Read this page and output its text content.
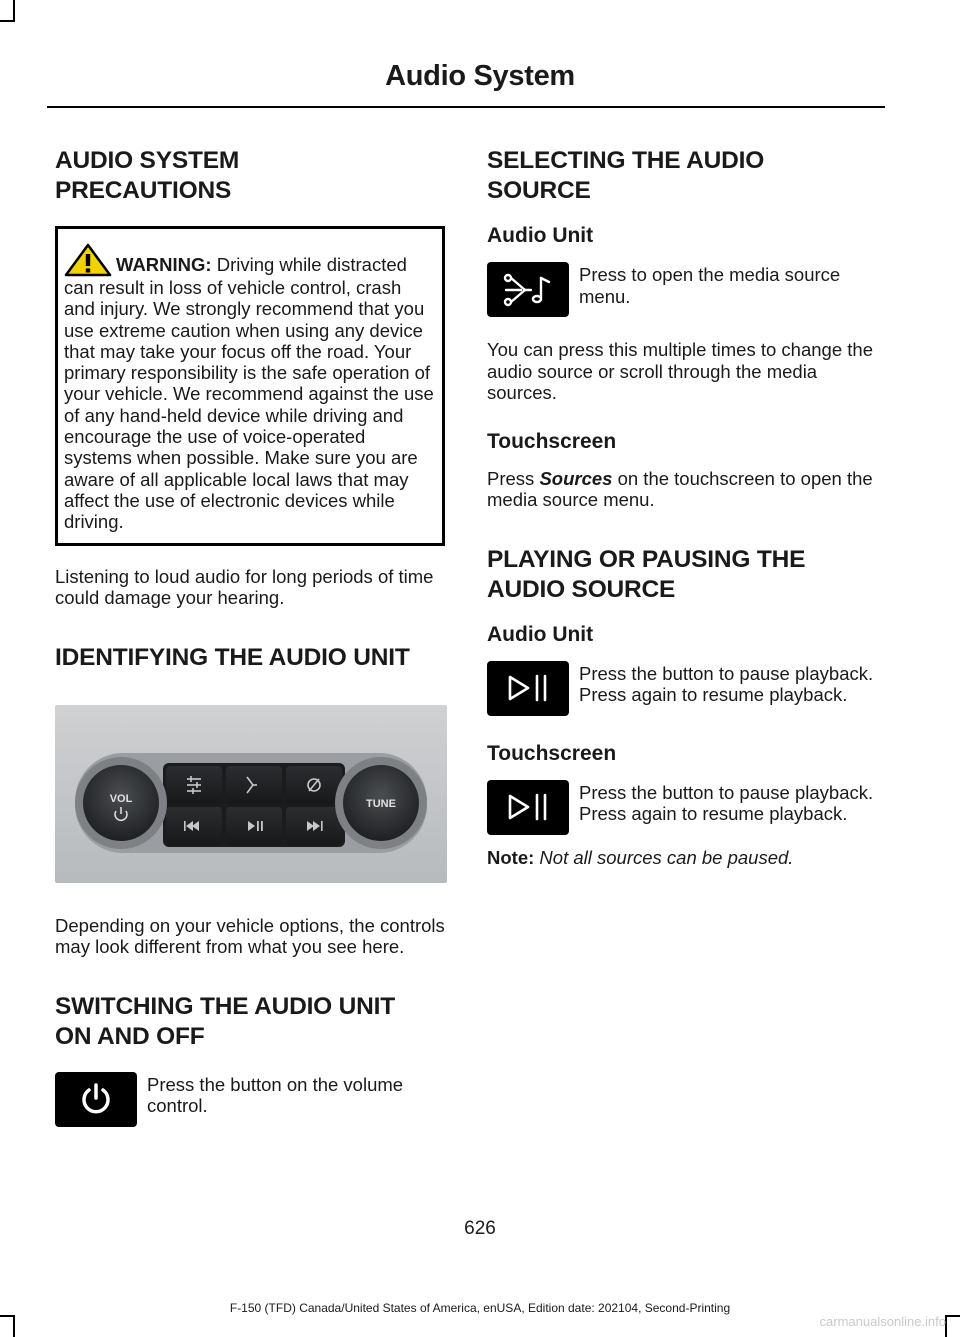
Audio System
AUDIO SYSTEM
PRECAUTIONS

WARNING: Driving while distracted can result in loss of vehicle control, crash and injury. We strongly recommend that you use extreme caution when using any device that may take your focus off the road. Your primary responsibility is the safe operation of your vehicle. We recommend against the use of any hand-held device while driving and encourage the use of voice-operated systems when possible. Make sure you are aware of all applicable local laws that may affect the use of electronic devices while driving.

Listening to loud audio for long periods of time could damage your hearing.

IDENTIFYING THE AUDIO UNIT
VOL	TUNE

Depending on your vehicle options, the controls may look different from what you see here.

SWITCHING THE AUDIO UNIT
ON AND OFF
Press the button on the volume control.
SELECTING THE AUDIO
SOURCE
Audio Unit
Press to open the media source menu.

You can press this multiple times to change the audio source or scroll through the media sources.

Touchscreen

Press Sources on the touchscreen to open the media source menu.

PLAYING OR PAUSING THE
AUDIO SOURCE
Audio Unit
Press the button to pause playback. Press again to resume playback.
Touchscreen
Press the button to pause playback. Press again to resume playback.

Note: Not all sources can be paused.

626
F-150 (TFD) Canada/United States of America, enUSA, Edition date: 202104, Second-Printing
carmanualsonline.info
